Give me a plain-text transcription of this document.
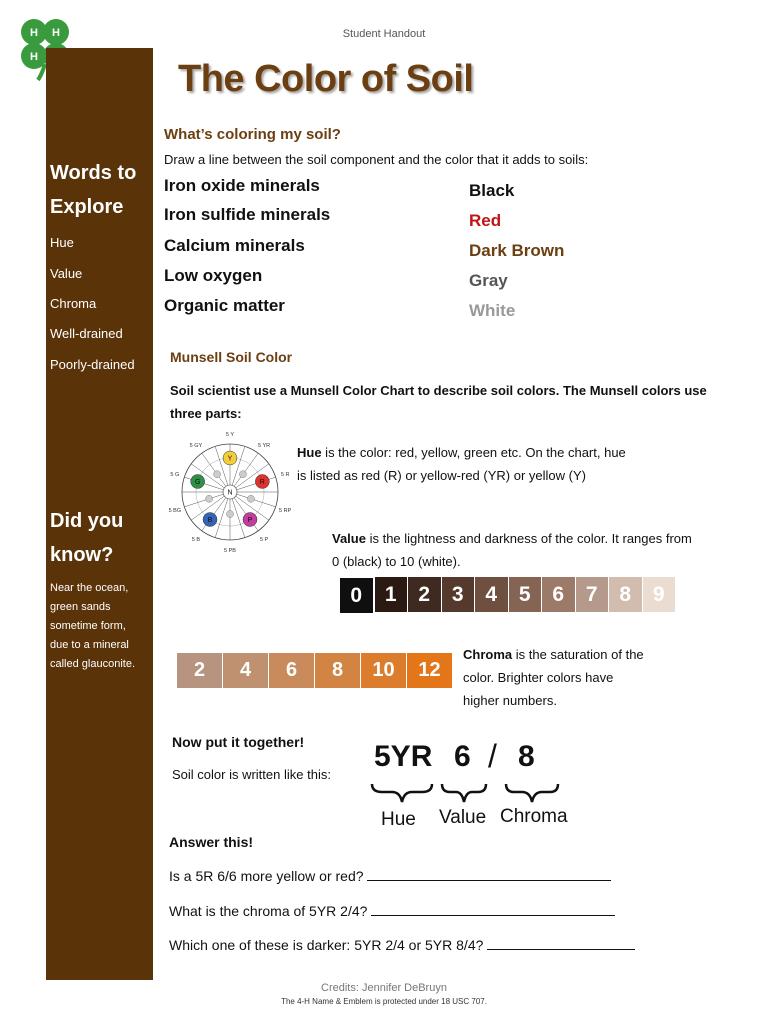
Student Handout
The Color of Soil
H H
H
Words to
Explore
Hue
Value
Chroma
Well-drained
Poorly-drained
Did you
know?
Near the ocean,
green sands
sometime form,
due to a mineral
called glauconite.
What’s coloring my soil?
Draw a line between the soil component and the color that it adds to soils:
Iron oxide minerals
Iron sulfide minerals
Calcium minerals
Low oxygen
Organic matter
Black
Red
Dark Brown
Gray
White
Munsell Soil Color
Soil scientist use a Munsell Color Chart to describe soil colors. The Munsell colors use
three parts:
5 Y
5 YR
5 R
5 RP
5 P
5 PB
5 B
5 BG
5 G
5 GY
Y
R
P
B
G
N
Hue is the color: red, yellow, green etc. On the chart, hue
is listed as red (R) or yellow-red (YR) or yellow (Y)
Value is the lightness and darkness of the color. It ranges from
0 (black) to 10 (white).
0	1	2	3	4	5	6	7	8	9
2	4	6	8	10	12
Chroma is the saturation of the
color. Brighter colors have
higher numbers.
Now put it together!
Soil color is written like this:
5YR 6 / 8
Hue Value Chroma
Answer this!
Is a 5R 6/6 more yellow or red?
What is the chroma of 5YR 2/4?
Which one of these is darker: 5YR 2/4 or 5YR 8/4?
Credits: Jennifer DeBruyn
The 4-H Name & Emblem is protected under 18 USC 707.
